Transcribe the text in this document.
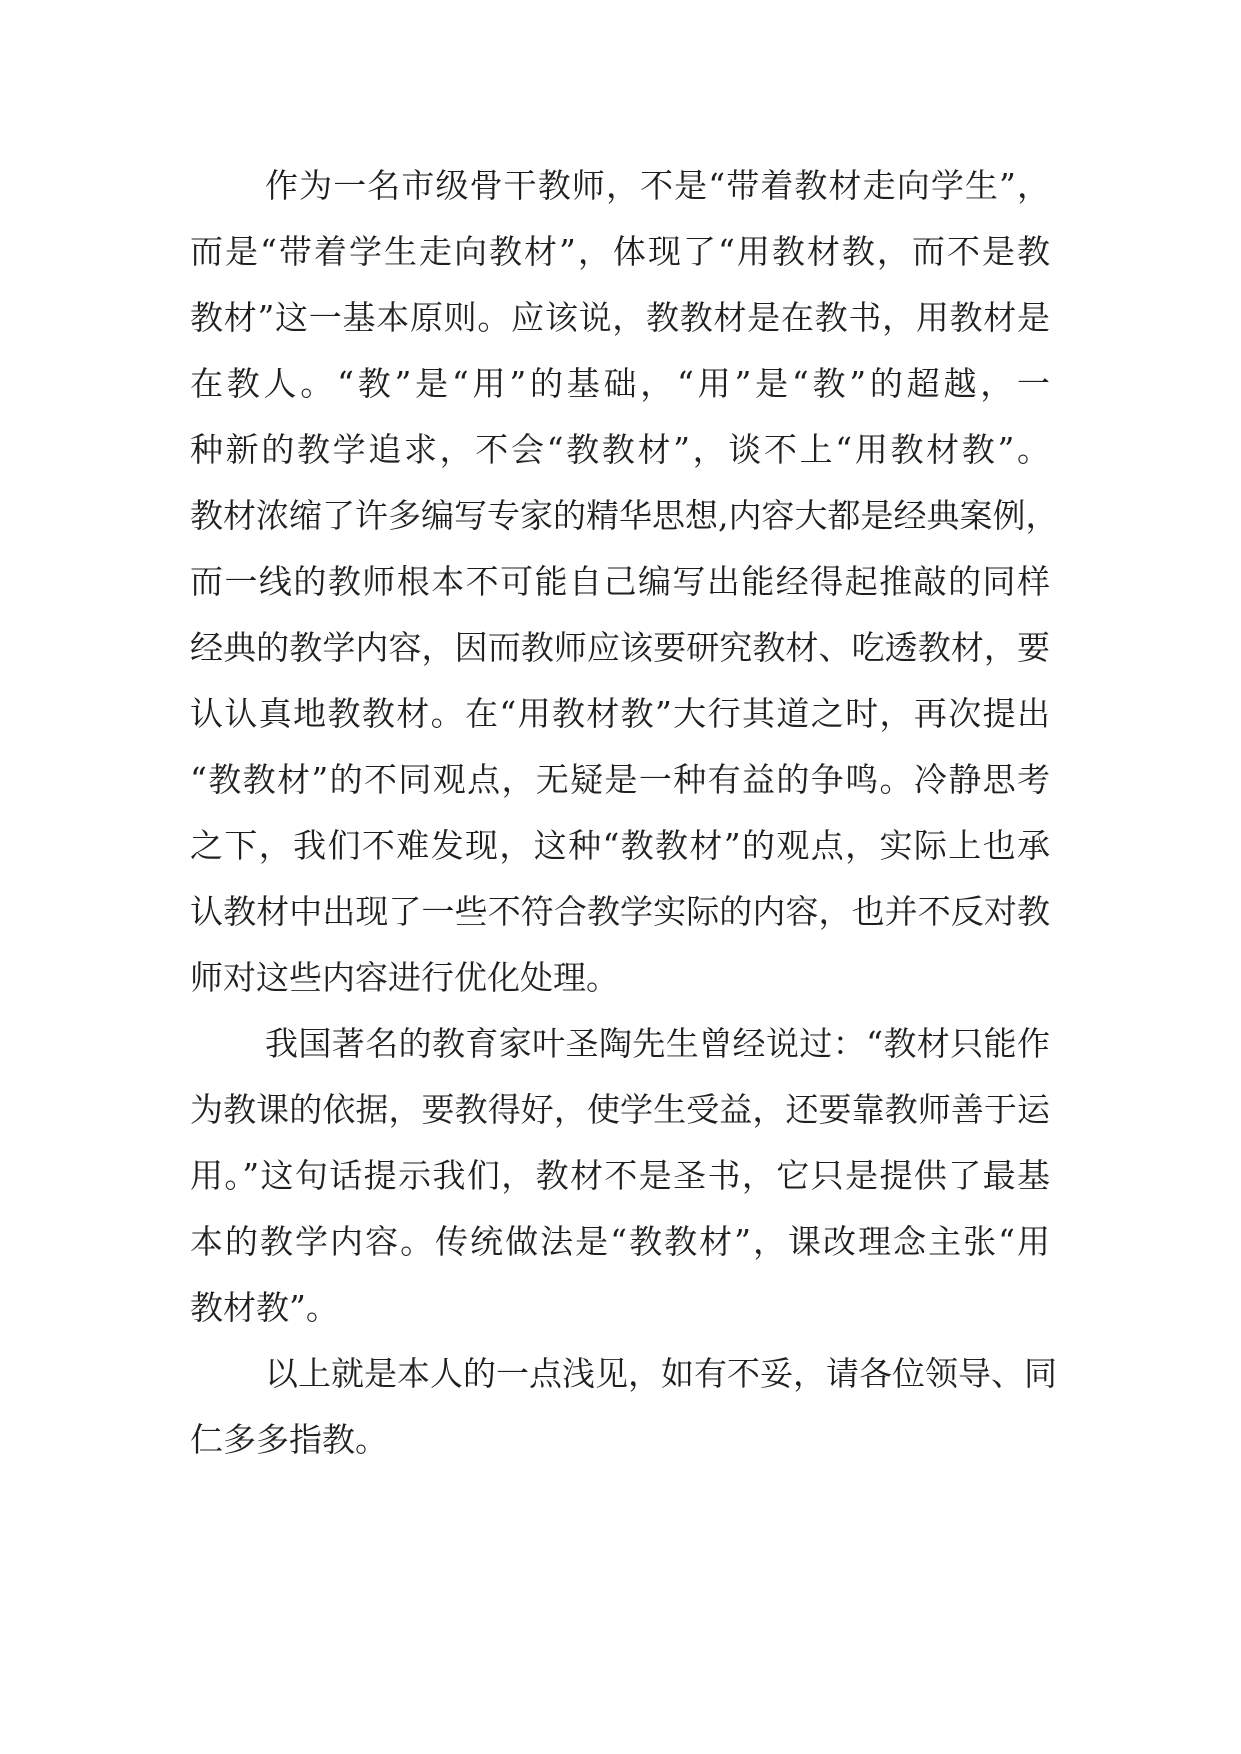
作为一名市级骨干教师，不是“带着教材走向学生”，
而是“带着学生走向教材”，体现了“用教材教，而不是教
教材”这一基本原则。应该说，教教材是在教书，用教材是
在教人。“教”是“用”的基础，“用”是“教”的超越，一
种新的教学追求，不会“教教材”，谈不上“用教材教”。
教材浓缩了许多编写专家的精华思想,内容大都是经典案例，
而一线的教师根本不可能自己编写出能经得起推敲的同样
经典的教学内容，因而教师应该要研究教材、吃透教材，要
认认真地教教材。在“用教材教”大行其道之时，再次提出
“教教材”的不同观点，无疑是一种有益的争鸣。冷静思考
之下，我们不难发现，这种“教教材”的观点，实际上也承
认教材中出现了一些不符合教学实际的内容，也并不反对教
师对这些内容进行优化处理。
我国著名的教育家叶圣陶先生曾经说过：“教材只能作
为教课的依据，要教得好，使学生受益，还要靠教师善于运
用。”这句话提示我们，教材不是圣书，它只是提供了最基
本的教学内容。传统做法是“教教材”，课改理念主张“用
教材教”。
以上就是本人的一点浅见，如有不妥，请各位领导、同
仁多多指教。
